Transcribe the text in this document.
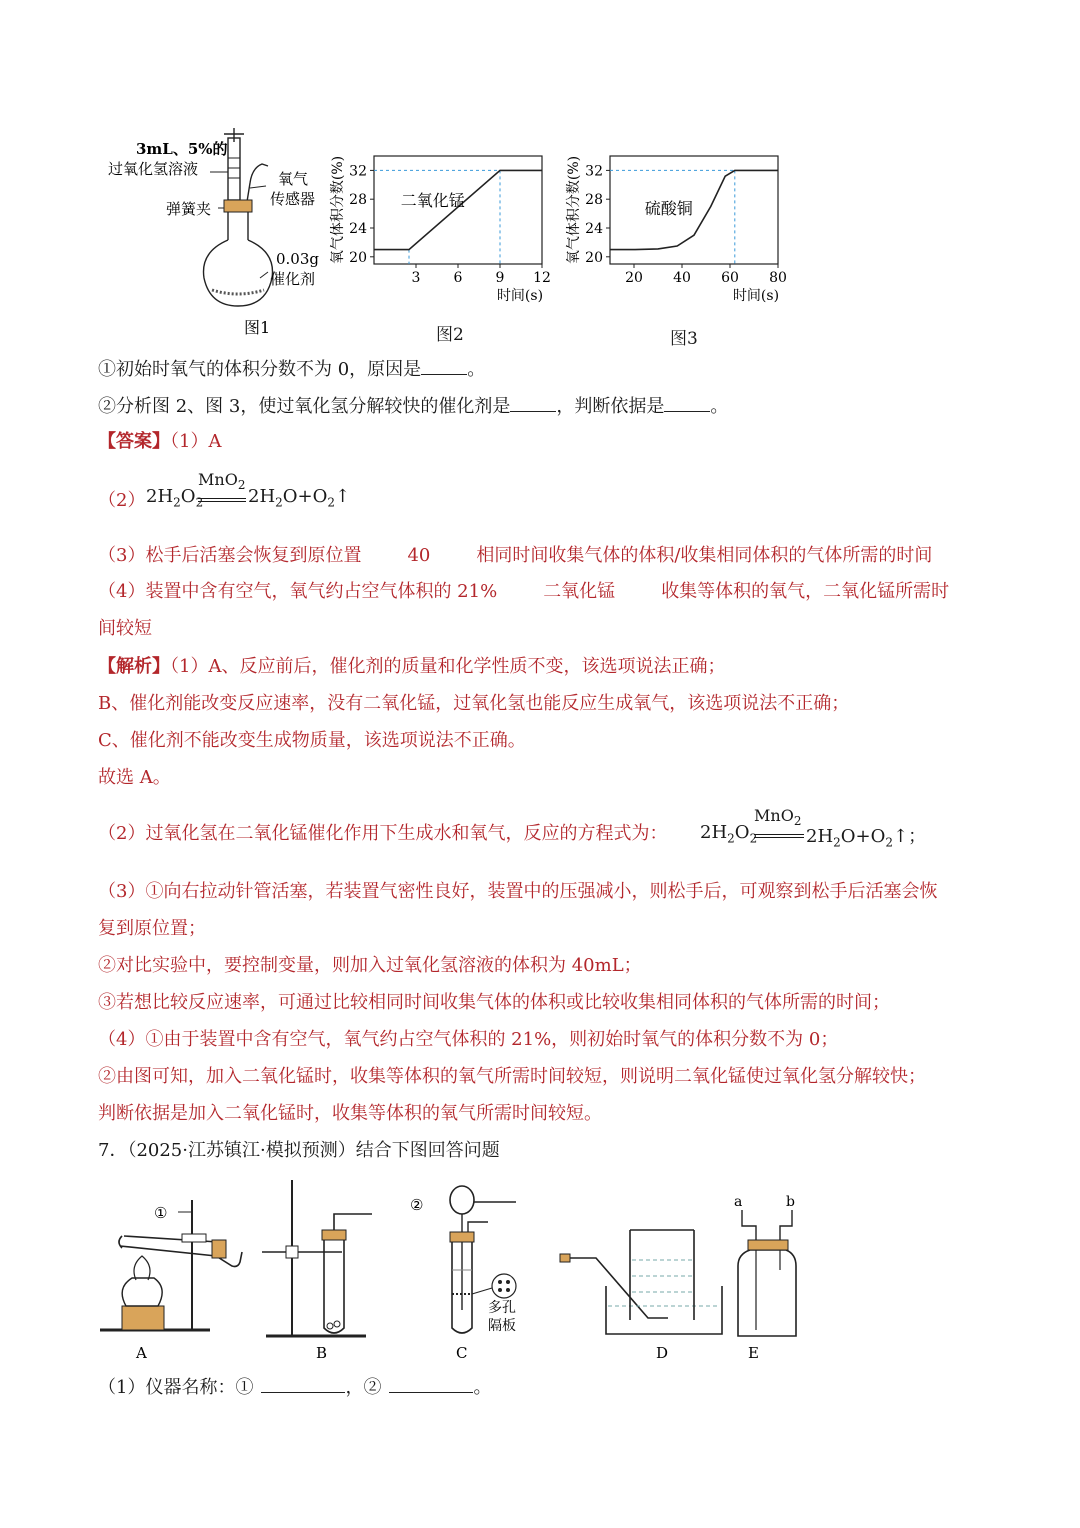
3mL、5%的
过氧化氢溶液
弹簧夹
氧气
传感器
0.03g
催化剂
图1
20
24
28
32
3 6 9 12
二氧化锰
氧气体积分数(%)
时间(s)
图2
20
24
28
32
20 40 60 80
硫酸铜
氧气体积分数(%)
时间(s)
图3
①初始时氧气的体积分数不为 0，原因是	。
②分析图 2、图 3，使过氧化氢分解较快的催化剂是	，判断依据是	。
【答案】（1）A
（2） $2H_2O_2$
MnO$_2$
$2H_2O+O_2↑$
（3）松手后活塞会恢复到原位置	40	相同时间收集气体的体积/收集相同体积的气体所需的时间
（4）装置中含有空气，氧气约占空气体积的 21%	二氧化锰	收集等体积的氧气，二氧化锰所需时
间较短
【解析】（1）A、反应前后，催化剂的质量和化学性质不变，该选项说法正确；
B、催化剂能改变反应速率，没有二氧化锰，过氧化氢也能反应生成氧气，该选项说法不正确；
C、催化剂不能改变生成物质量，该选项说法不正确。
故选 A。
（2）过氧化氢在二氧化锰催化作用下生成水和氧气，反应的方程式为： $2H_2O_2$
MnO$_2$
$2H_2O+O_2↑$；
（3）①向右拉动针管活塞，若装置气密性良好，装置中的压强减小，则松手后，可观察到松手后活塞会恢
复到原位置；
②对比实验中，要控制变量，则加入过氧化氢溶液的体积为 40mL；
③若想比较反应速率，可通过比较相同时间收集气体的体积或比较收集相同体积的气体所需的时间；
（4）①由于装置中含有空气，氧气约占空气体积的 21%，则初始时氧气的体积分数不为 0；
②由图可知，加入二氧化锰时，收集等体积的氧气所需时间较短，则说明二氧化锰使过氧化氢分解较快；
判断依据是加入二氧化锰时，收集等体积的氧气所需时间较短。
7．（2025·江苏镇江·模拟预测）结合下图回答问题
①
A	B
②
多孔
隔板
C	D
a	b
E
（1）仪器名称：①	，②	。
